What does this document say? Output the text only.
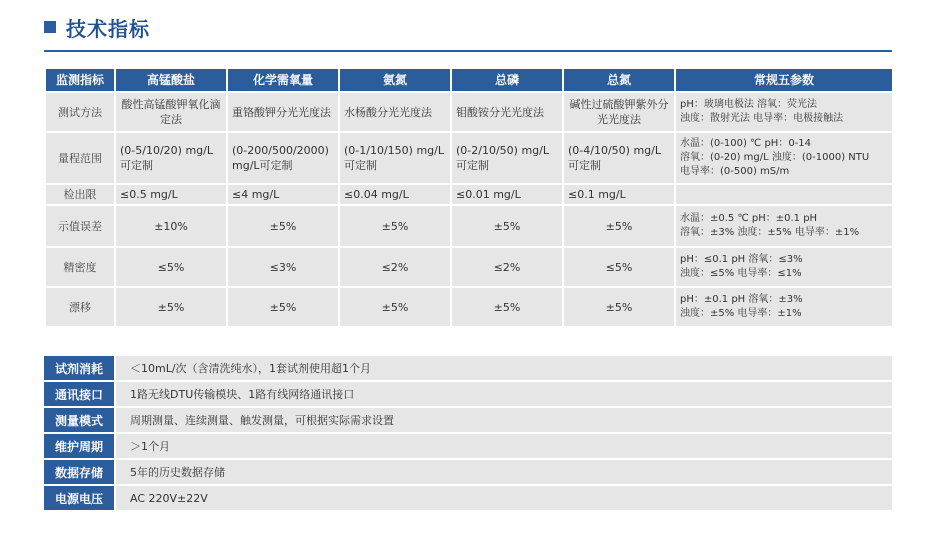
技术指标
监测指标	高锰酸盐	化学需氧量	氨氮	总磷	总氮	常规五参数
测试方法	酸性高锰酸钾氧化滴定法	重铬酸钾分光光度法	水杨酸分光光度法	钼酸铵分光光度法	碱性过硫酸钾紫外分光光度法	pH：玻璃电极法 溶氧：荧光法
浊度：散射光法 电导率：电极接触法

量程范围	(0-5/10/20) mg/L可定制	(0-200/500/2000) mg/L可定制	(0-1/10/150) mg/L可定制	(0-2/10/50) mg/L可定制	(0-4/10/50) mg/L可定制	水温：(0-100) ℃ pH：0-14
溶氧：(0-20) mg/L 浊度：(0-1000) NTU
电导率：(0-500) mS/m

检出限	≤0.5 mg/L	≤4 mg/L	≤0.04 mg/L	≤0.01 mg/L	≤0.1 mg/L	

示值误差	±10%	±5%	±5%	±5%	±5%	水温：±0.5 ℃ pH：±0.1 pH
溶氧：±3% 浊度：±5% 电导率：±1%

精密度	≤5%	≤3%	≤2%	≤2%	≤5%	pH：≤0.1 pH 溶氧：≤3%
浊度：≤5% 电导率：≤1%

漂移	±5%	±5%	±5%	±5%	±5%	pH：±0.1 pH 溶氧：±3%
浊度：±5% 电导率：±1%
试剂消耗	＜10mL/次（含清洗纯水），1套试剂使用超1个月
通讯接口	1路无线DTU传输模块、1路有线网络通讯接口
测量模式	周期测量、连续测量、触发测量，可根据实际需求设置
维护周期	＞1个月
数据存储	5年的历史数据存储
电源电压	AC 220V±22V
